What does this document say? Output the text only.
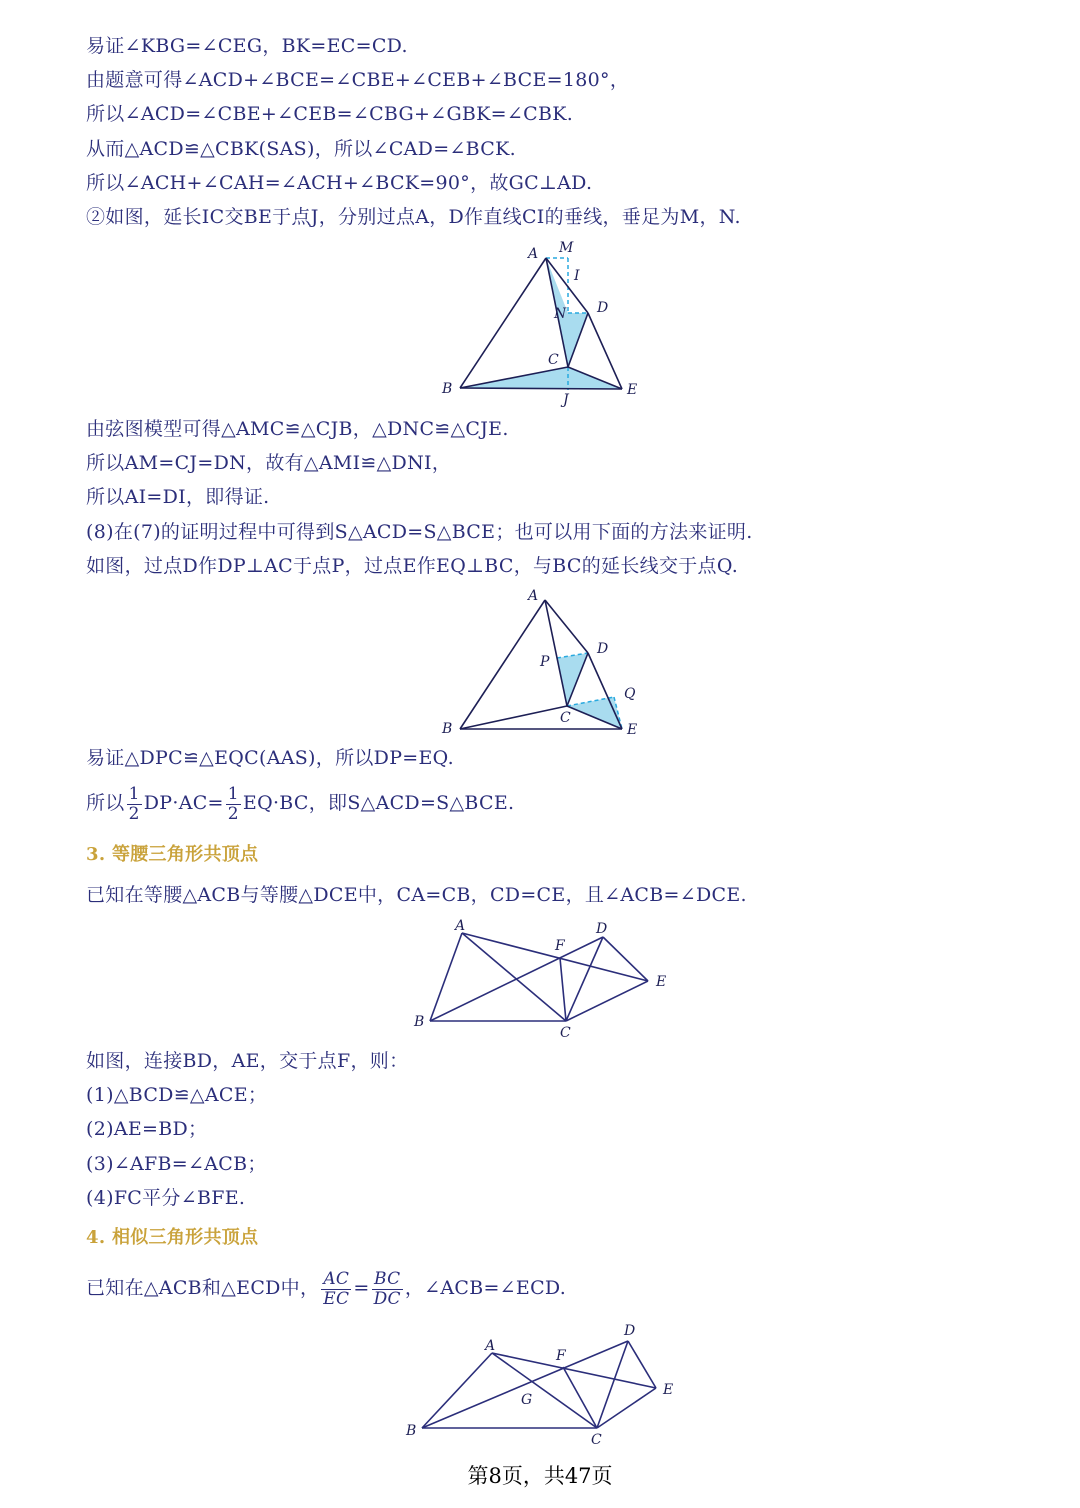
易证∠KBG=∠CEG，BK=EC=CD.
由题意可得∠ACD+∠BCE=∠CBE+∠CEB+∠BCE=180°，
所以∠ACD=∠CBE+∠CEB=∠CBG+∠GBK=∠CBK.
从而△ACD≌△CBK(SAS)，所以∠CAD=∠BCK.
所以∠ACH+∠CAH=∠ACH+∠BCK=90°，故GC⊥AD.
②如图，延长IC交BE于点J，分别过点A，D作直线CI的垂线，垂足为M，N.
A M
I
D
N
C
B	E
J
由弦图模型可得△AMC≌△CJB，△DNC≌△CJE.
所以AM=CJ=DN，故有△AMI≌△DNI，
所以AI=DI，即得证.
(8)在(7)的证明过程中可得到S△ACD=S△BCE；也可以用下面的方法来证明.
如图，过点D作DP⊥AC于点P，过点E作EQ⊥BC，与BC的延长线交于点Q.
A
D
P
Q
C
B	E
易证△DPC≌△EQC(AAS)，所以DP=EQ.
所以 $\frac{1}{2} DP\cdot AC= \frac{1}{2} EQ\cdot BC$，即S△ACD=S△BCE.
3. 等腰三角形共顶点
已知在等腰△ACB与等腰△DCE中，CA=CB，CD=CE，且∠ACB=∠DCE.
A
F
D
E
B
C
如图，连接BD，AE，交于点F，则：
(1)△BCD≌△ACE；
(2)AE=BD；
(3)∠AFB=∠ACB；
(4)FC平分∠BFE.
4. 相似三角形共顶点
已知在△ACB和△ECD中， $\frac{AC}{EC} = \frac{BC}{DC}$ ，∠ACB=∠ECD.
A
F
D
G
E
B
C
第8页，共47页
